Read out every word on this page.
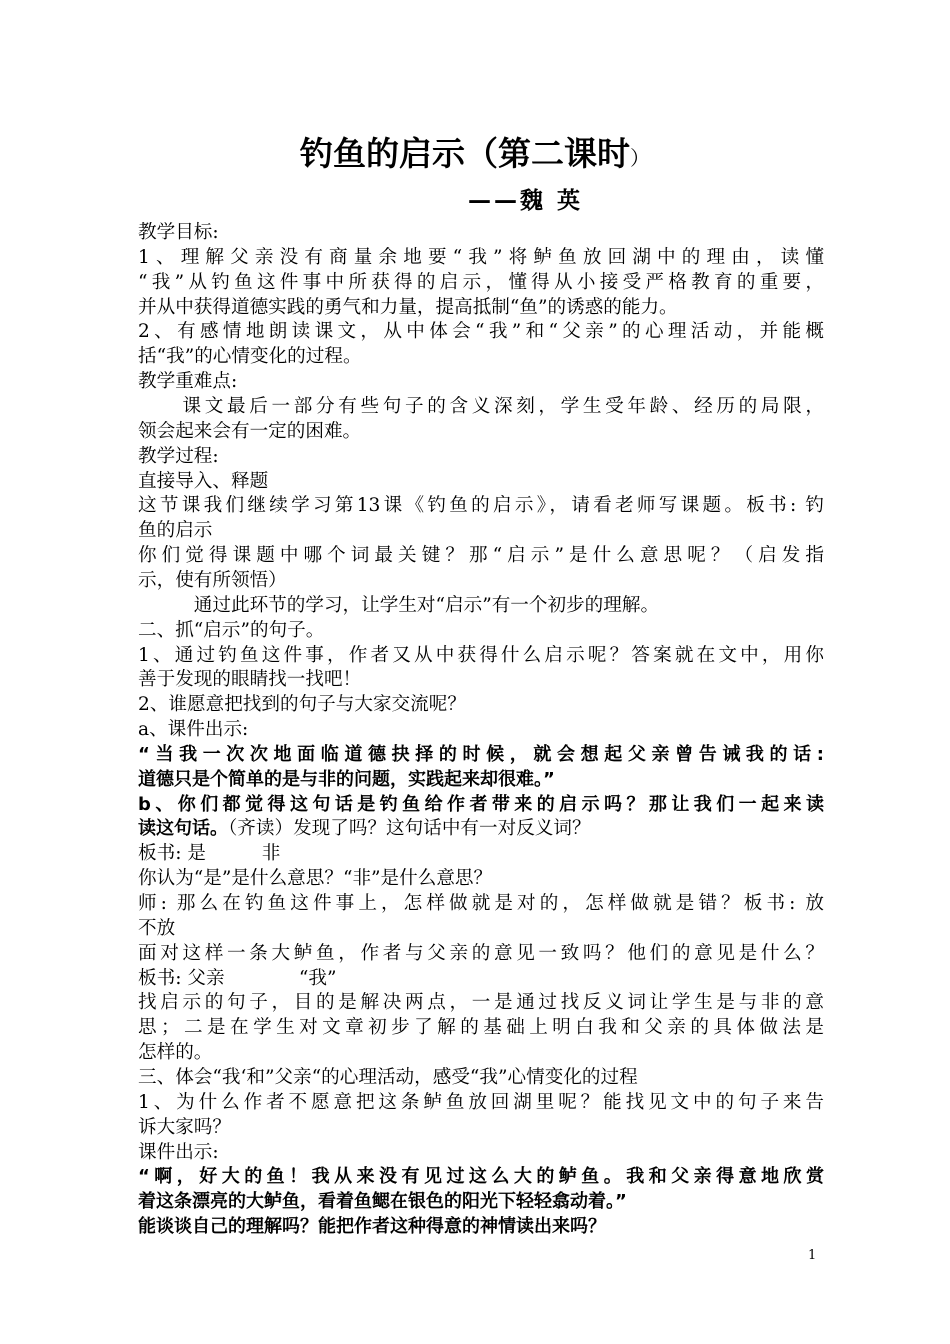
钓鱼的启示（第二课时）
——魏 英
教学目标:
1、理解父亲没有商量余地要“我”将鲈鱼放回湖中的理由，读懂
“我”从钓鱼这件事中所获得的启示，懂得从小接受严格教育的重要，
并从中获得道德实践的勇气和力量，提高抵制“鱼”的诱惑的能力。
2、有感情地朗读课文，从中体会“我”和“父亲”的心理活动，并能概
括“我”的心情变化的过程。
教学重难点:
　　课文最后一部分有些句子的含义深刻，学生受年龄、经历的局限，
领会起来会有一定的困难。
教学过程:
直接导入、释题
这节课我们继续学习第13课《钓鱼的启示》，请看老师写课题。板书: 钓
鱼的启示
你们觉得课题中哪个词最关键？那“启示”是什么意思呢？（启发指
示，使有所领悟）
　　　通过此环节的学习，让学生对“启示”有一个初步的理解。
二、抓“启示”的句子。
1、通过钓鱼这件事，作者又从中获得什么启示呢？答案就在文中，用你
善于发现的眼睛找一找吧！
2、谁愿意把找到的句子与大家交流呢？
a、课件出示:
“当我一次次地面临道德抉择的时候，就会想起父亲曾告诫我的话:
道德只是个简单的是与非的问题，实践起来却很难。”
b、你们都觉得这句话是钓鱼给作者带来的启示吗？那让我们一起来读
读这句话。（齐读）发现了吗？这句话中有一对反义词？
板书: 是　　　非
你认为“是”是什么意思？“非”是什么意思？
师: 那么在钓鱼这件事上，怎样做就是对的，怎样做就是错？板书: 放
不放
面对这样一条大鲈鱼，作者与父亲的意见一致吗？他们的意见是什么？
板书: 父亲　　　　“我”
找启示的句子，目的是解决两点，一是通过找反义词让学生是与非的意
思；二是在学生对文章初步了解的基础上明白我和父亲的具体做法是
怎样的。
三、体会“我‘和”父亲“的心理活动，感受“我”心情变化的过程
1、为什么作者不愿意把这条鲈鱼放回湖里呢？能找见文中的句子来告
诉大家吗？
课件出示:
“啊，好大的鱼！我从来没有见过这么大的鲈鱼。我和父亲得意地欣赏
着这条漂亮的大鲈鱼，看着鱼鳃在银色的阳光下轻轻翕动着。”
能谈谈自己的理解吗？能把作者这种得意的神情读出来吗？
1
